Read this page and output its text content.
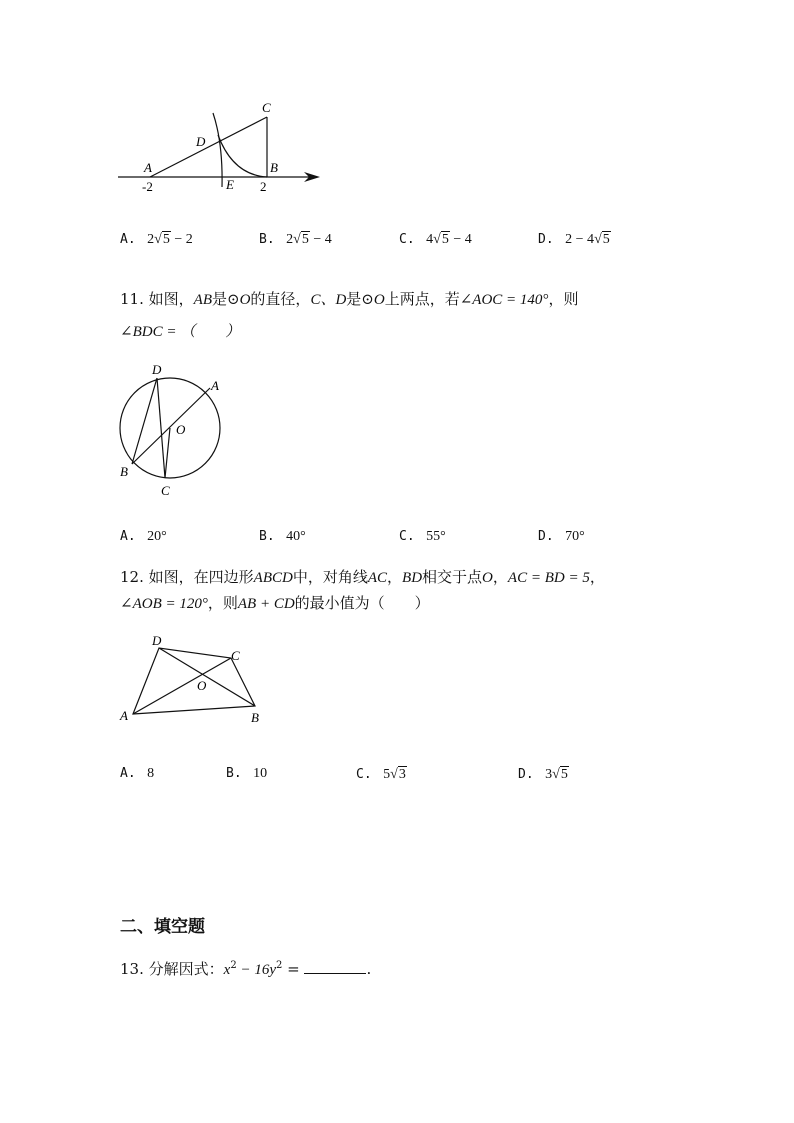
C
D
A	B
E
-2	2
A. 2√5 − 2	B. 2√5 − 4	C. 4√5 − 4	D. 2 − 4√5
11. 如图，AB是⊙O的直径，C、D是⊙O上两点，若∠AOC = 140°，则
∠BDC = （　　）
D
A
O
B
C
A. 20°	B. 40°	C. 55°	D. 70°
12. 如图，在四边形ABCD中，对角线AC，BD相交于点O，AC = BD = 5，
∠AOB = 120°，则AB + CD的最小值为（　　）
D
C
O
A	B
A. 8	B. 10	C. 5√3	D. 3√5
二、填空题
13. 分解因式：$x^2 - 16y^2$ =	.
